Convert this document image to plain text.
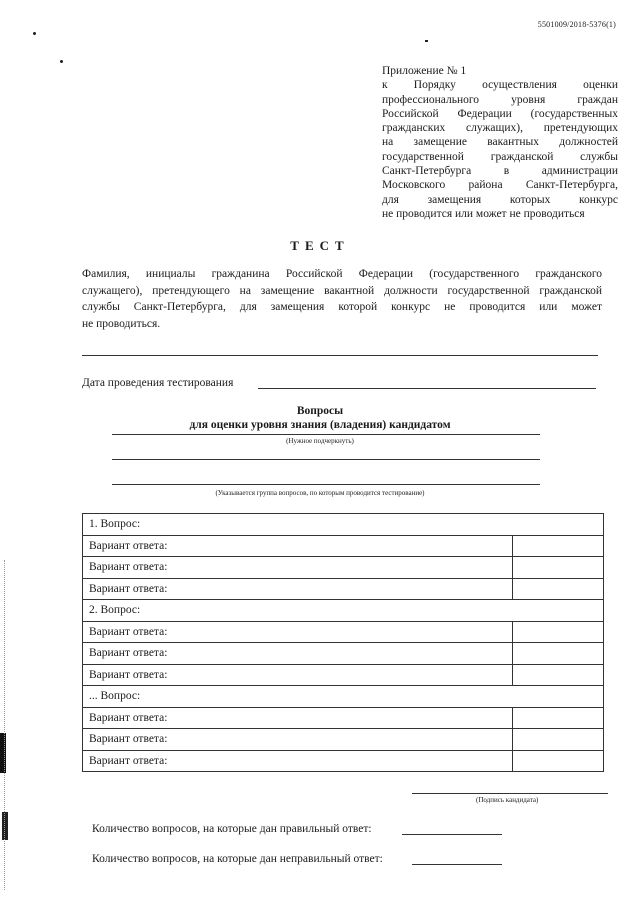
5501009/2018-5376(1)
Приложение № 1
к Порядку осуществления оценки
профессионального уровня граждан
Российской Федерации (государственных
гражданских служащих), претендующих
на замещение вакантных должностей
государственной гражданской службы
Санкт-Петербурга в администрации
Московского района Санкт-Петербурга,
для замещения которых конкурс
не проводится или может не проводиться
ТЕСТ
Фамилия, инициалы гражданина Российской Федерации (государственного гражданского
служащего), претендующего на замещение вакантной должности государственной гражданской
службы Санкт-Петербурга, для замещения которой конкурс не проводится или может
не проводиться.
Дата проведения тестирования
Вопросы
для оценки уровня знания (владения) кандидатом
(Нужное подчеркнуть)
(Указывается группа вопросов, по которым проводится тестирование)
1. Вопрос:	
Вариант ответа:	
Вариант ответа:	
Вариант ответа:	
2. Вопрос:	
Вариант ответа:	
Вариант ответа:	
Вариант ответа:	
... Вопрос:	
Вариант ответа:	
Вариант ответа:	
Вариант ответа:	
(Подпись кандидата)
Количество вопросов, на которые дан правильный ответ:
Количество вопросов, на которые дан неправильный ответ:
